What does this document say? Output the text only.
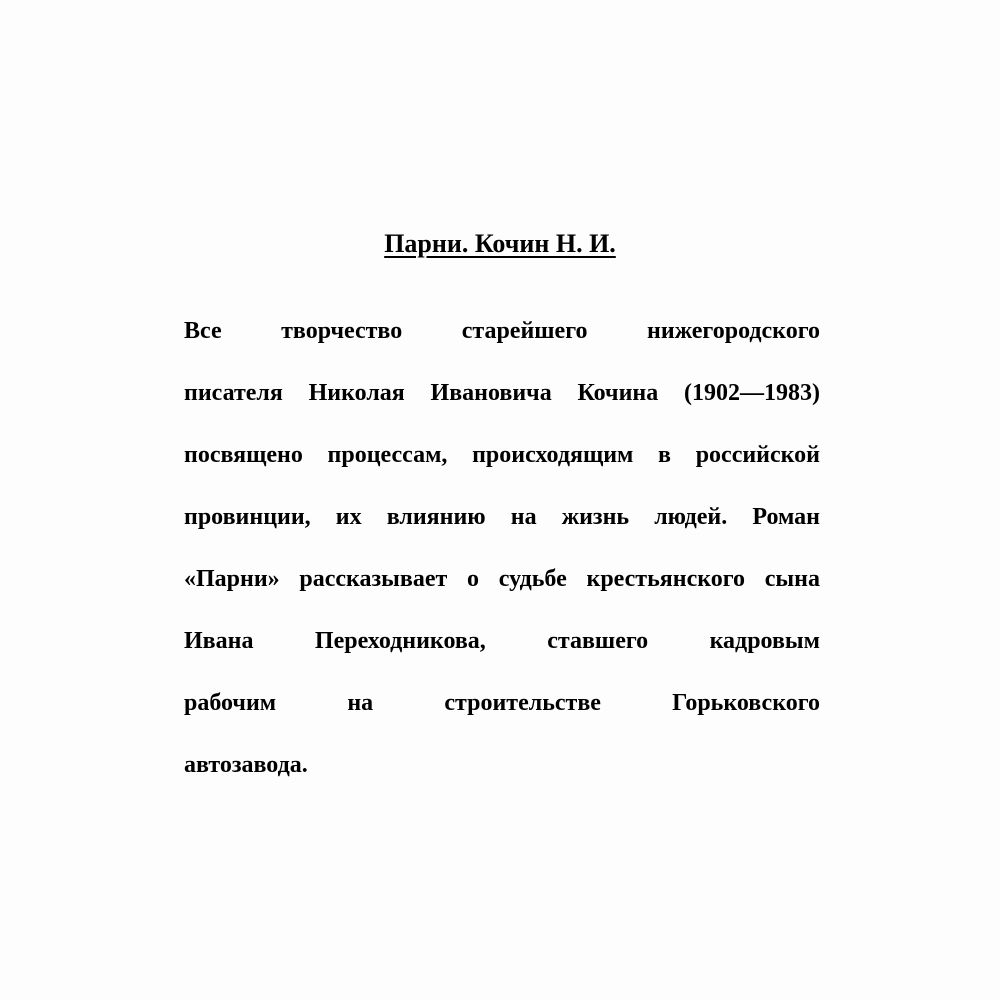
Парни. Кочин Н. И.
Все творчество старейшего нижегородского
писателя Николая Ивановича Кочина (1902—1983)
посвящено процессам, происходящим в российской
провинции, их влиянию на жизнь людей. Роман
«Парни» рассказывает о судьбе крестьянского сына
Ивана Переходникова, ставшего кадровым
рабочим на строительстве Горьковского
автозавода.
